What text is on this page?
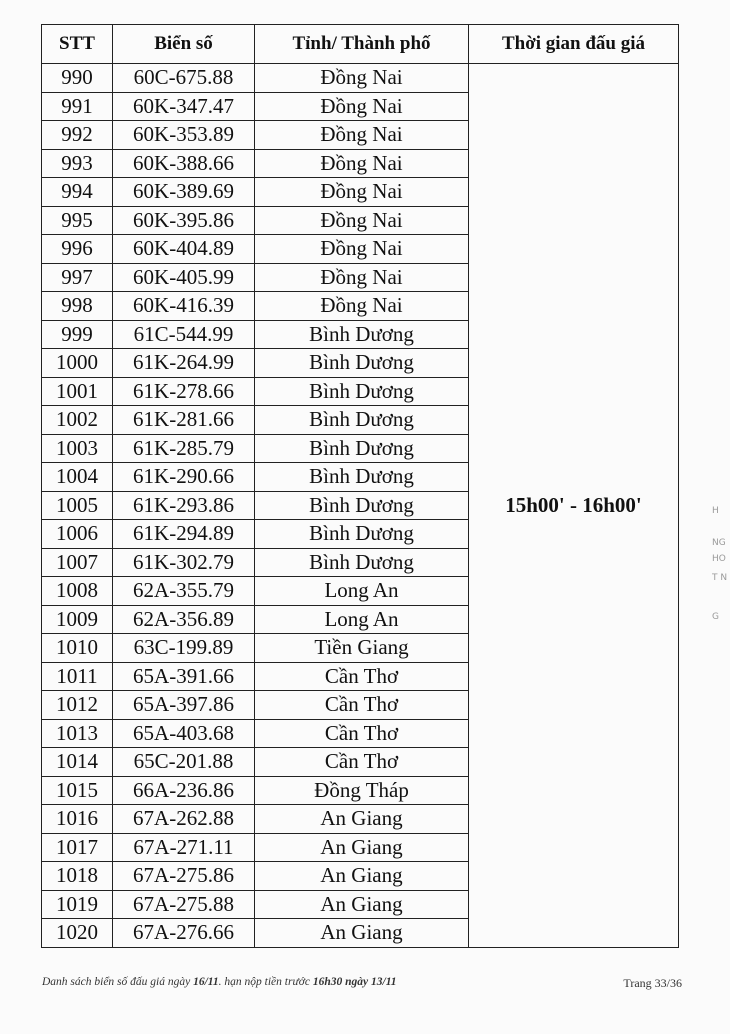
STT	Biển số	Tỉnh/ Thành phố	Thời gian đấu giá
990	60C-675.88	Đồng Nai	15h00' - 16h00'
991	60K-347.47	Đồng Nai	
992	60K-353.89	Đồng Nai	
993	60K-388.66	Đồng Nai	
994	60K-389.69	Đồng Nai	
995	60K-395.86	Đồng Nai	
996	60K-404.89	Đồng Nai	
997	60K-405.99	Đồng Nai	
998	60K-416.39	Đồng Nai	
999	61C-544.99	Bình Dương	
1000	61K-264.99	Bình Dương	
1001	61K-278.66	Bình Dương	
1002	61K-281.66	Bình Dương	
1003	61K-285.79	Bình Dương	
1004	61K-290.66	Bình Dương	
1005	61K-293.86	Bình Dương	
1006	61K-294.89	Bình Dương	
1007	61K-302.79	Bình Dương	
1008	62A-355.79	Long An	
1009	62A-356.89	Long An	
1010	63C-199.89	Tiền Giang	
1011	65A-391.66	Cần Thơ	
1012	65A-397.86	Cần Thơ	
1013	65A-403.68	Cần Thơ	
1014	65C-201.88	Cần Thơ	
1015	66A-236.86	Đồng Tháp	
1016	67A-262.88	An Giang	
1017	67A-271.11	An Giang	
1018	67A-275.86	An Giang	
1019	67A-275.88	An Giang	
1020	67A-276.66	An Giang	
Danh sách biển số đấu giá ngày 16/11. hạn nộp tiền trước 16h30 ngày 13/11	Trang 33/36
H
NG
HO
T N
G
